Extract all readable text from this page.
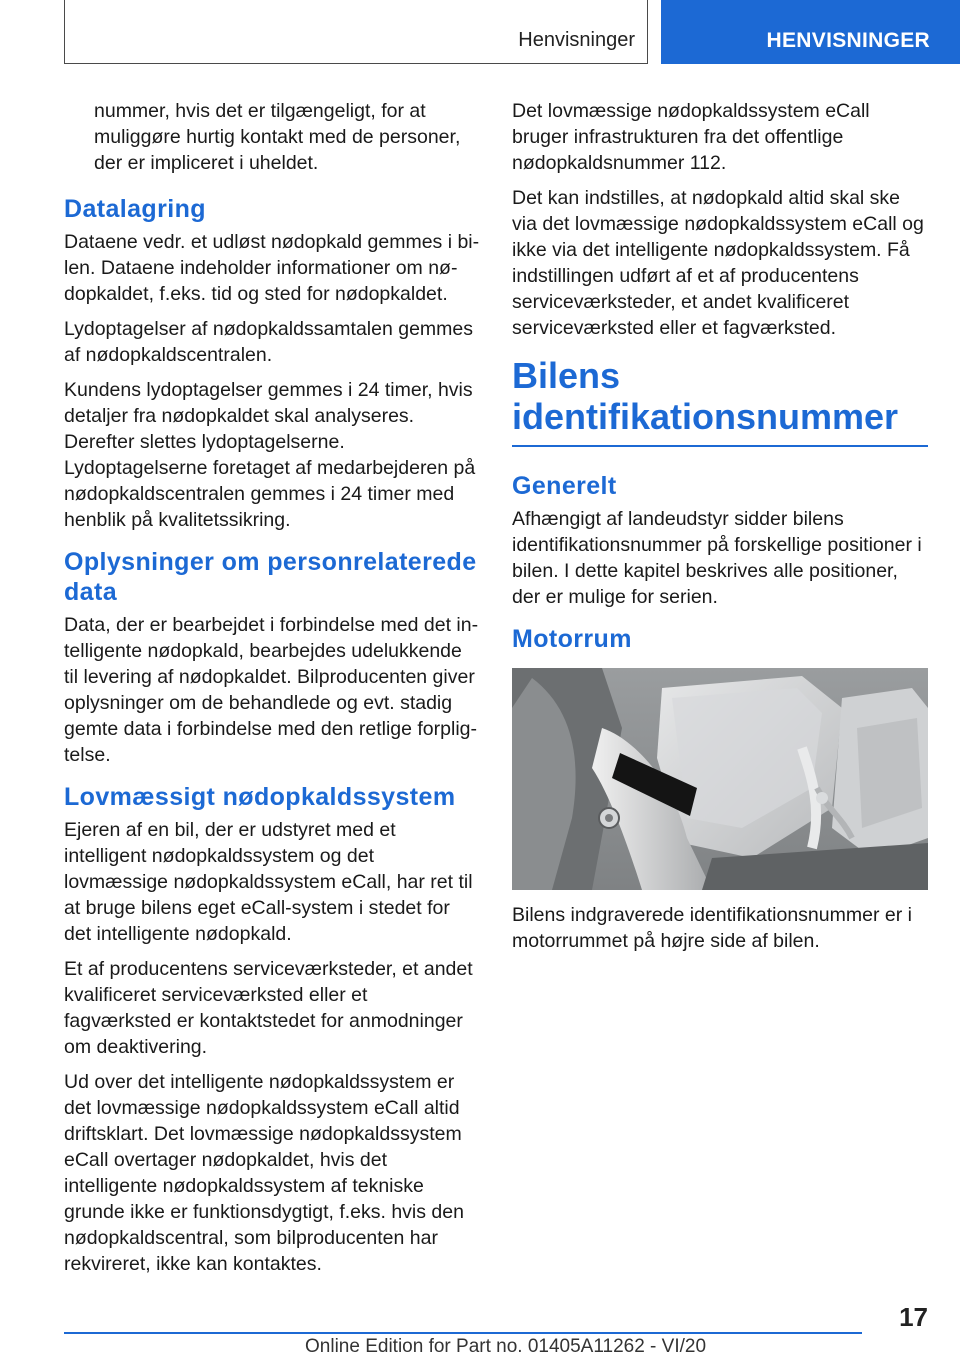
Henvisninger	HENVISNINGER

nummer, hvis det er tilgængeligt, for at muliggøre hurtig kontakt med de personer, der er impliceret i uheldet.

Datalagring

Dataene vedr. et udløst nødopkald gemmes i bilen. Dataene indeholder informationer om nødopkaldet, f.eks. tid og sted for nødopkaldet.

Lydoptagelser af nødopkaldssamtalen gemmes af nødopkaldscentralen.

Kundens lydoptagelser gemmes i 24 timer, hvis detaljer fra nødopkaldet skal analyseres. Derefter slettes lydoptagelserne. Lydoptagelserne foretaget af medarbejderen på nødopkaldscentralen gemmes i 24 timer med henblik på kvalitetssikring.

Oplysninger om personrelaterede data

Data, der er bearbejdet i forbindelse med det intelligente nødopkald, bearbejdes udelukkende til levering af nødopkaldet. Bilproducenten giver oplysninger om de behandlede og evt. stadig gemte data i forbindelse med den retlige forpligtelse.

Lovmæssigt nødopkaldssystem

Ejeren af en bil, der er udstyret med et intelligent nødopkaldssystem og det lovmæssige nødopkaldssystem eCall, har ret til at bruge bilens eget eCall-system i stedet for det intelligente nødopkald.

Et af producentens serviceværksteder, et andet kvalificeret serviceværksted eller et fagværksted er kontaktstedet for anmodninger om deaktivering.

Ud over det intelligente nødopkaldssystem er det lovmæssige nødopkaldssystem eCall altid driftsklart. Det lovmæssige nødopkaldssystem eCall overtager nødopkaldet, hvis det intelligente nødopkaldssystem af tekniske grunde ikke er funktionsdygtigt, f.eks. hvis den nødopkaldscentral, som bilproducenten har rekvireret, ikke kan kontaktes.

Det lovmæssige nødopkaldssystem eCall bruger infrastrukturen fra det offentlige nødopkaldsnummer 112.

Det kan indstilles, at nødopkald altid skal ske via det lovmæssige nødopkaldssystem eCall og ikke via det intelligente nødopkaldssystem. Få indstillingen udført af et af producentens serviceværksteder, et andet kvalificeret serviceværksted eller et fagværksted.

Bilens identifikationsnummer
Generelt

Afhængigt af landeudstyr sidder bilens identifikationsnummer på forskellige positioner i bilen. I dette kapitel beskrives alle positioner, der er mulige for serien.

Motorrum

Bilens indgraverede identifikationsnummer er i motorrummet på højre side af bilen.

17
Online Edition for Part no. 01405A11262 - VI/20
